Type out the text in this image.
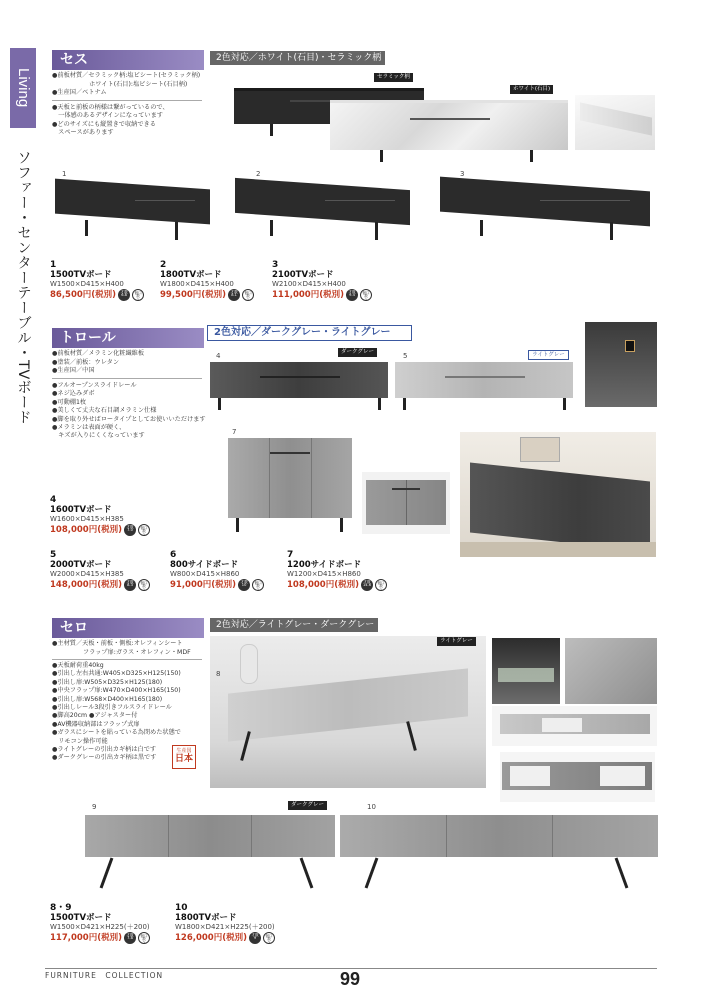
Living
ソファー・センターテーブル・TVボード
セス	2色対応／ホワイト(石目)・セラミック柄
●前板材質／セラミック柄:塩ビシート(セラミック柄)
　　　　　　ホワイト(石目):塩ビシート(石目柄)
●生産国／ベトナム
●天板と前板の柄様は繋がっているので、
　一体感のあるデザインになっています
●どのサイズにも縦置きで収納できる
　スペースがあります
セラミック柄
ホワイト(石目)
1	2	3
1
1500TVボード
W1500×D415×H400
86,500円(税別)	才数
6.8
個口数
1
2
1800TVボード
W1800×D415×H400
99,500円(税別)	才数
8.1
個口数
1
3
2100TVボード
W2100×D415×H400
111,000円(税別)	才数
9.4
個口数
1
トロール	2色対応／ダークグレー・ライトグレー
●前板材質／メラミン化粧繊維板
●塗装／前板：ウレタン
●生産国／中国
●フルオープンスライドレール
●ネジ込みダボ
●可動棚1枚
●美しくて丈夫な石目調メラミン仕様
●脚を取り外せばロータイプとしてお使いいただけます
●メラミンは表面が硬く、
　キズが入りにくくなっています
4	ダークグレー	5	ライトグレー
7
4
1600TVボード
W1600×D415×H385
108,000円(税別)	才数
7.0
個口数
1
5
2000TVボード
W2000×D415×H385
148,000円(税別)	才数
8.3
個口数
1
6
800サイドボード
W800×D415×H860
91,000円(税別)	才数
10
個口数
1
7
1200サイドボード
W1200×D415×H860
108,000円(税別)	才数
14.6
個口数
1
セロ	2色対応／ライトグレー・ダークグレー
●主材質／天板・前板・側板:オレフィンシート
　　　　　フラップ扉:ガラス・オレフィン・MDF
●天板耐荷重40kg
●引出し左右共通:W405×D325×H125(150)
●引出し扉:W505×D325×H125(180)
●中央フラップ扉:W470×D400×H165(150)
●引出し扉:W568×D400×H165(180)
●引出しレール3段引きフルスライドレール
●脚高20cm ●アジャスター付
●AV機器収納部はフラップ式扉
●ガラスにシートを貼っている為閉めた状態で
　リモコン操作可能
●ライトグレーの引出カギ柄は白です
●ダークグレーの引出カギ柄は黒です
生産国
日本
8
ライトグレー
9	ダークグレー	10
8・9
1500TVボード
W1500×D421×H225(＋200)
117,000円(税別)	才数
7.8
個口数
2
10
1800TVボード
W1800×D421×H225(＋200)
126,000円(税別)	才数
9
個口数
2
FURNITURE　COLLECTION	99
